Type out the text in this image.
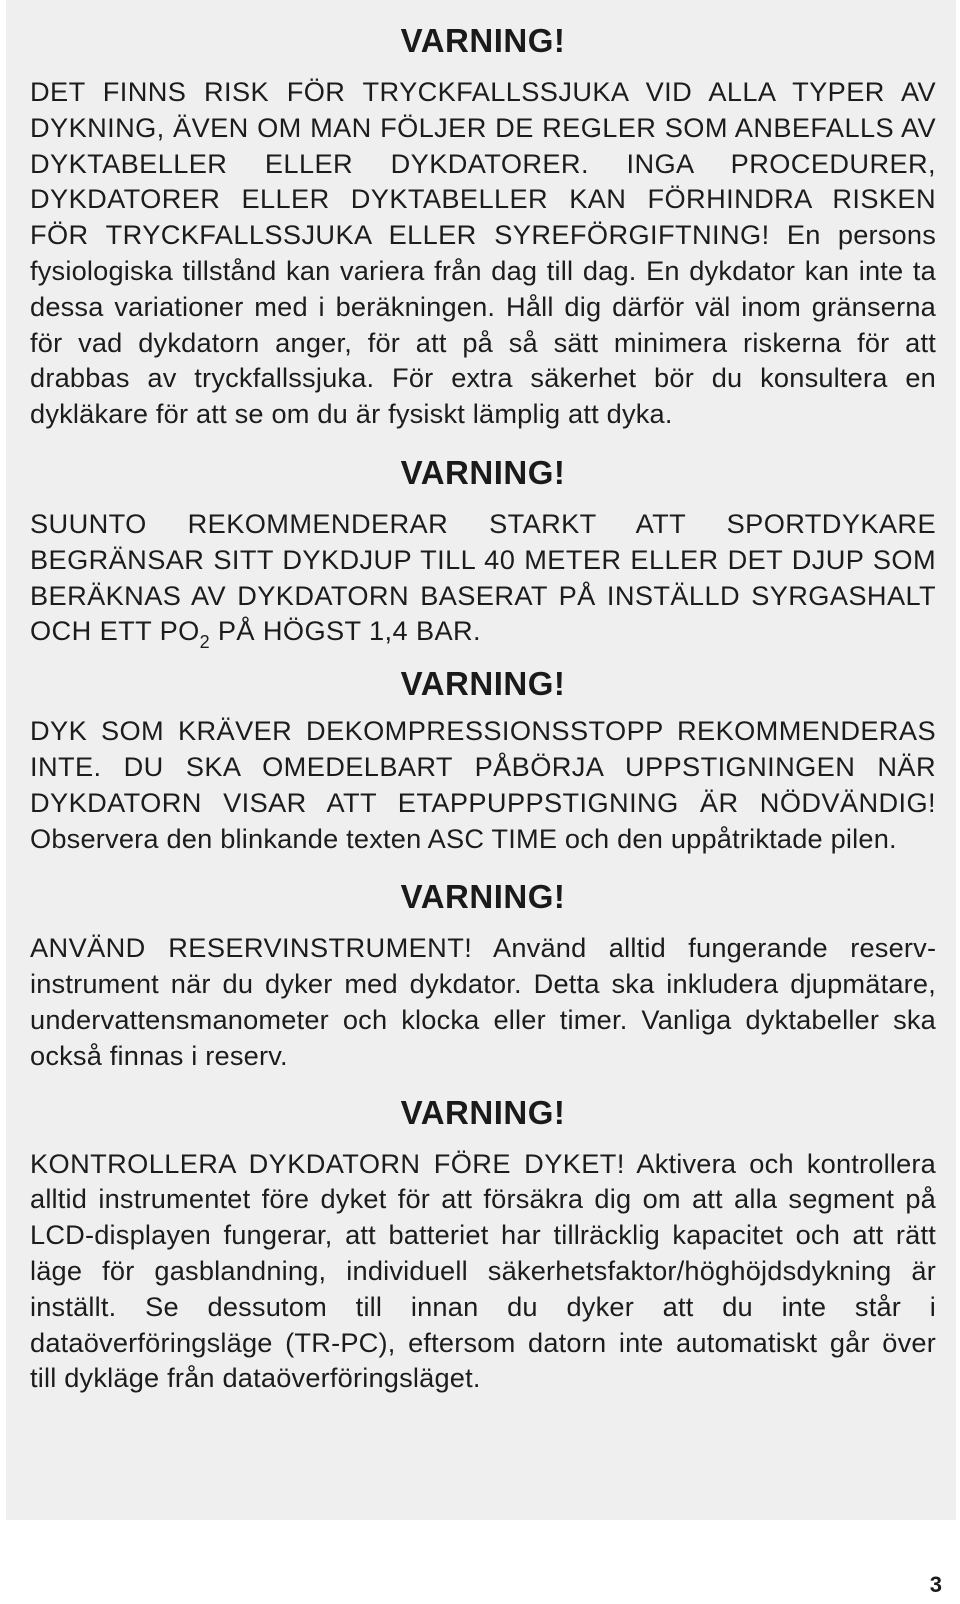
VARNING!

DET FINNS RISK FÖR TRYCKFALLSSJUKA VID ALLA TYPER AV DYKNING, ÄVEN OM MAN FÖLJER DE REGLER SOM ANBEFALLS AV DYKTABELLER ELLER DYKDATORER. INGA PROCEDURER, DYKDATORER ELLER DYKTABELLER KAN FÖRHINDRA RISKEN FÖR TRYCKFALLSSJUKA ELLER SYREFÖRGIFTNING! En persons fysiologiska tillstånd kan variera från dag till dag. En dykdator kan inte ta dessa variationer med i beräkningen. Håll dig därför väl inom gränserna för vad dykdatorn anger, för att på så sätt minimera riskerna för att drabbas av tryckfallssjuka. För extra säkerhet bör du konsultera en dykläkare för att se om du är fysiskt lämplig att dyka.

VARNING!

SUUNTO REKOMMENDERAR STARKT ATT SPORTDYKARE BEGRÄNSAR SITT DYKDJUP TILL 40 METER ELLER DET DJUP SOM BERÄKNAS AV DYKDATORN BASERAT PÅ INSTÄLLD SYRGASHALT OCH ETT $PO_2$ PÅ HÖGST 1,4 BAR.

VARNING!

DYK SOM KRÄVER DEKOMPRESSIONSSTOPP REKOMMENDERAS INTE. DU SKA OMEDELBART PÅBÖRJA UPPSTIGNINGEN NÄR DYKDATORN VISAR ATT ETAPPUPPSTIGNING ÄR NÖDVÄNDIG! Observera den blinkande texten ASC TIME och den uppåtriktade pilen.

VARNING!

ANVÄND RESERVINSTRUMENT! Använd alltid fungerande reservinstrument när du dyker med dykdator. Detta ska inkludera djupmätare, undervattensmanometer och klocka eller timer. Vanliga dyktabeller ska också finnas i reserv.

VARNING!

KONTROLLERA DYKDATORN FÖRE DYKET! Aktivera och kontrollera alltid instrumentet före dyket för att försäkra dig om att alla segment på LCD-displayen fungerar, att batteriet har tillräcklig kapacitet och att rätt läge för gasblandning, individuell säkerhetsfaktor/höghöjdsdykning är inställt. Se dessutom till innan du dyker att du inte står i dataöverföringsläge (TR-PC), eftersom datorn inte automatiskt går över till dykläge från dataöverföringsläget.

3
